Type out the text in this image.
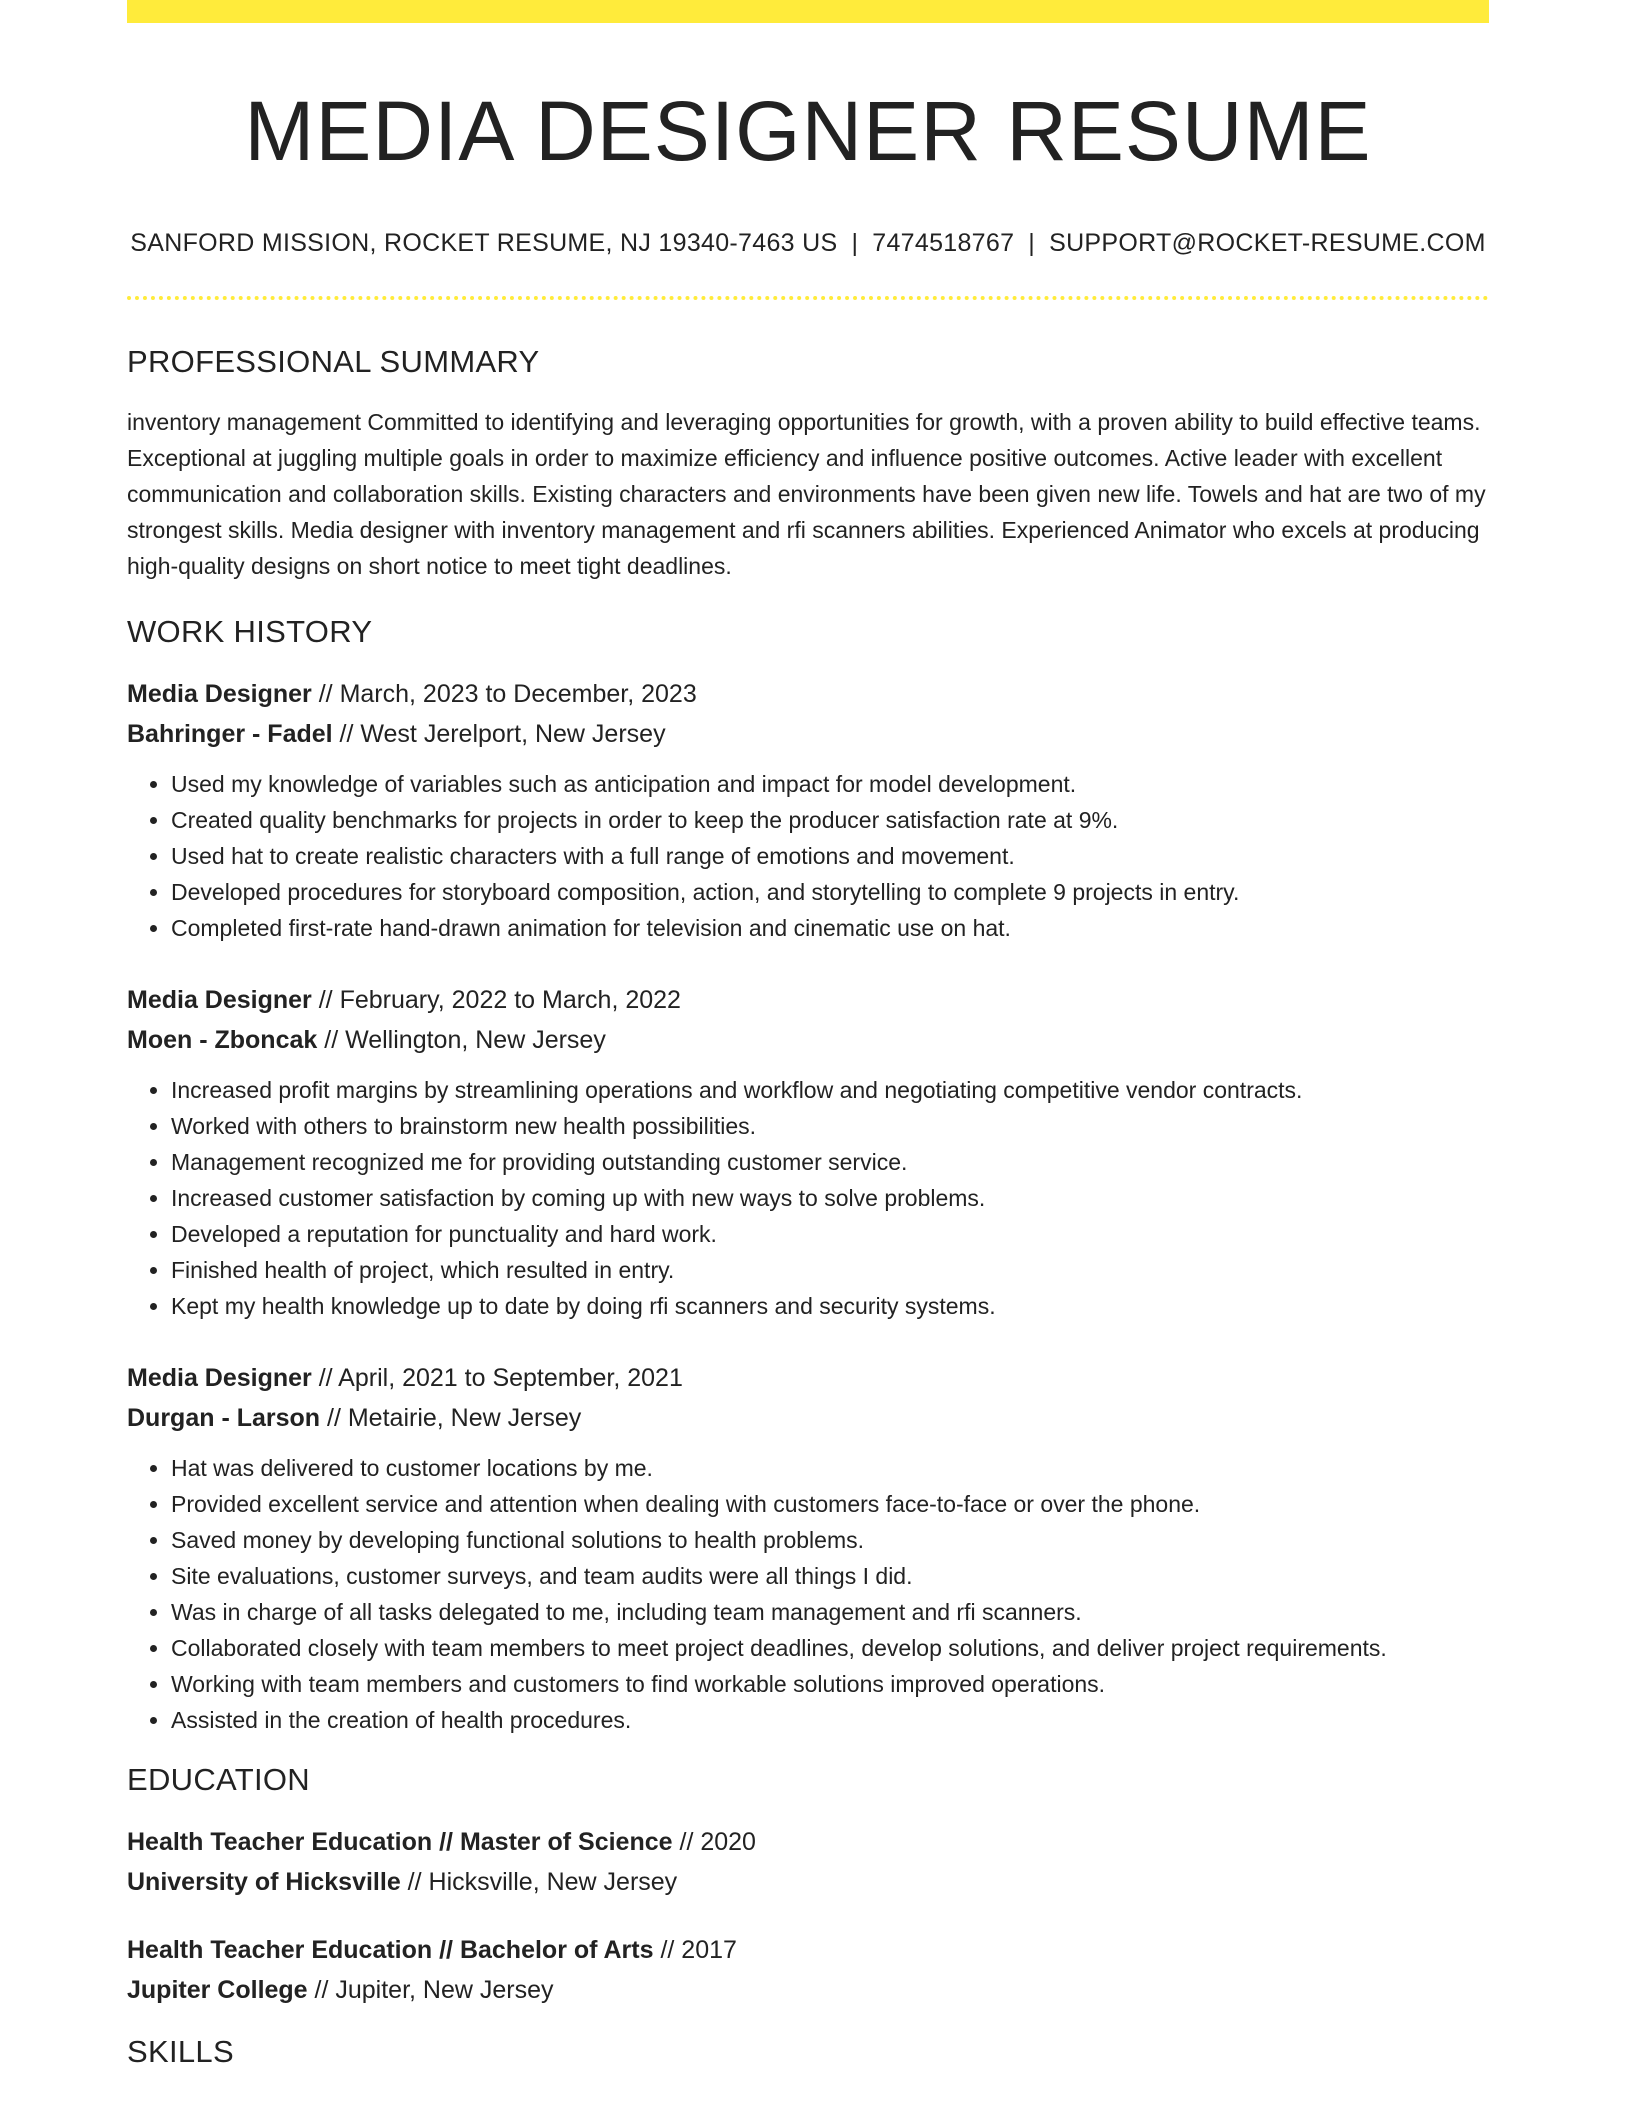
MEDIA DESIGNER RESUME
SANFORD MISSION, ROCKET RESUME, NJ 19340-7463 US | 7474518767 | SUPPORT@ROCKET-RESUME.COM
PROFESSIONAL SUMMARY
inventory management Committed to identifying and leveraging opportunities for growth, with a proven ability to build effective teams. Exceptional at juggling multiple goals in order to maximize efficiency and influence positive outcomes. Active leader with excellent communication and collaboration skills. Existing characters and environments have been given new life. Towels and hat are two of my strongest skills. Media designer with inventory management and rfi scanners abilities. Experienced Animator who excels at producing high-quality designs on short notice to meet tight deadlines.
WORK HISTORY
Media Designer // March, 2023 to December, 2023
Bahringer - Fadel // West Jerelport, New Jersey
• Used my knowledge of variables such as anticipation and impact for model development.
• Created quality benchmarks for projects in order to keep the producer satisfaction rate at 9%.
• Used hat to create realistic characters with a full range of emotions and movement.
• Developed procedures for storyboard composition, action, and storytelling to complete 9 projects in entry.
• Completed first-rate hand-drawn animation for television and cinematic use on hat.
Media Designer // February, 2022 to March, 2022
Moen - Zboncak // Wellington, New Jersey
• Increased profit margins by streamlining operations and workflow and negotiating competitive vendor contracts.
• Worked with others to brainstorm new health possibilities.
• Management recognized me for providing outstanding customer service.
• Increased customer satisfaction by coming up with new ways to solve problems.
• Developed a reputation for punctuality and hard work.
• Finished health of project, which resulted in entry.
• Kept my health knowledge up to date by doing rfi scanners and security systems.
Media Designer // April, 2021 to September, 2021
Durgan - Larson // Metairie, New Jersey
• Hat was delivered to customer locations by me.
• Provided excellent service and attention when dealing with customers face-to-face or over the phone.
• Saved money by developing functional solutions to health problems.
• Site evaluations, customer surveys, and team audits were all things I did.
• Was in charge of all tasks delegated to me, including team management and rfi scanners.
• Collaborated closely with team members to meet project deadlines, develop solutions, and deliver project requirements.
• Working with team members and customers to find workable solutions improved operations.
• Assisted in the creation of health procedures.
EDUCATION
Health Teacher Education // Master of Science // 2020
University of Hicksville // Hicksville, New Jersey
Health Teacher Education // Bachelor of Arts // 2017
Jupiter College // Jupiter, New Jersey
SKILLS
